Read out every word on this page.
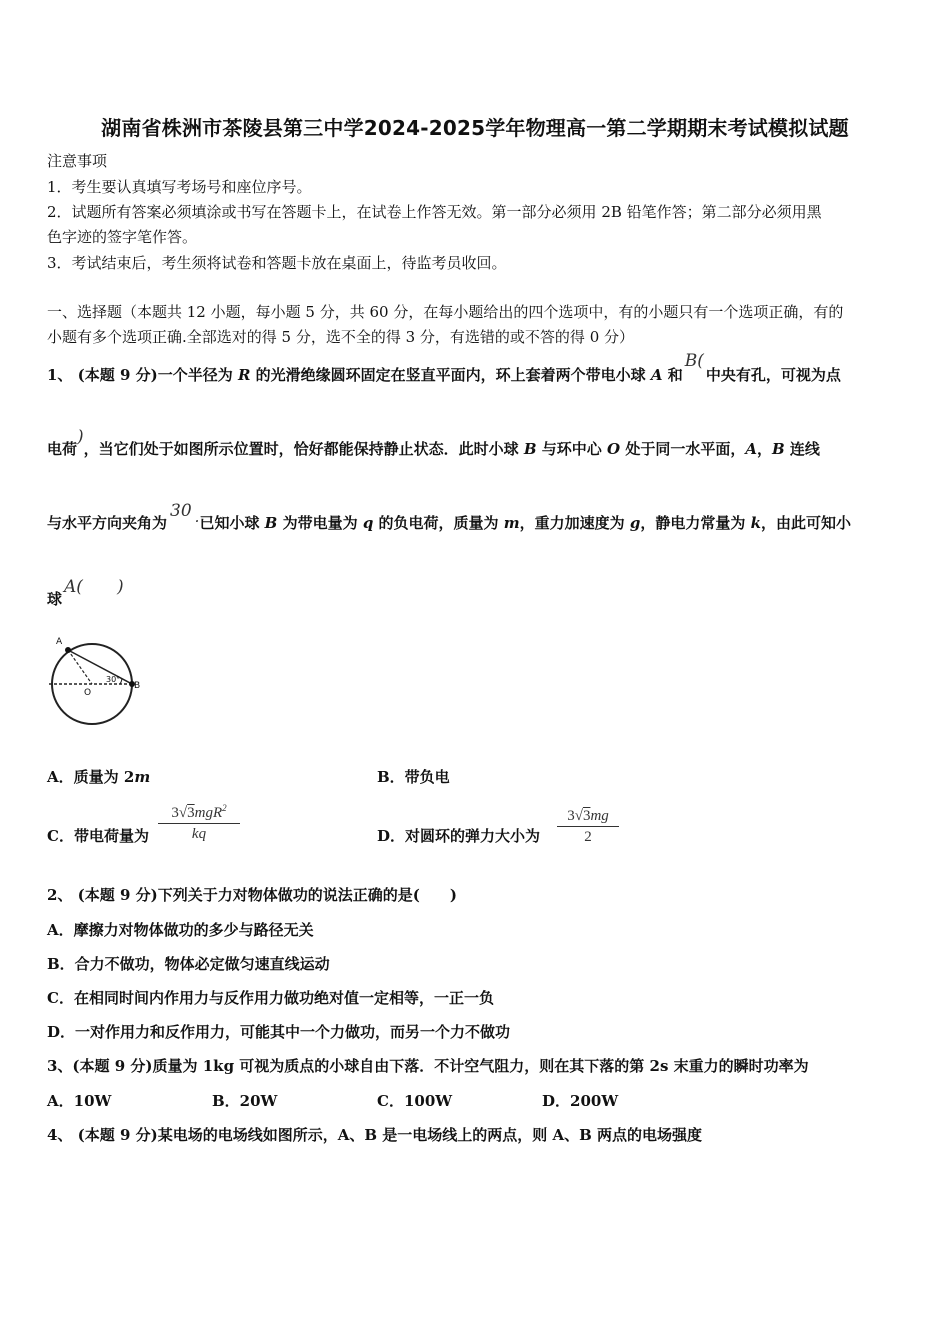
湖南省株洲市茶陵县第三中学2024-2025学年物理高一第二学期期末考试模拟试题
注意事项
1．考生要认真填写考场号和座位序号。
2．试题所有答案必须填涂或书写在答题卡上，在试卷上作答无效。第一部分必须用 2B 铅笔作答；第二部分必须用黑
色字迹的签字笔作答。
3．考试结束后，考生须将试卷和答题卡放在桌面上，待监考员收回。
一、选择题（本题共 12 小题，每小题 5 分，共 60 分，在每小题给出的四个选项中，有的小题只有一个选项正确，有的
小题有多个选项正确.全部选对的得 5 分，选不全的得 3 分，有选错的或不答的得 0 分）
1、 (本题 9 分)一个半径为 R 的光滑绝缘圆环固定在竖直平面内，环上套着两个带电小球 A 和B(中央有孔，可视为点
电荷)，当它们处于如图所示位置时，恰好都能保持静止状态．此时小球 B 与环中心 O 处于同一水平面，A，B 连线
与水平方向夹角为30 ·已知小球 B 为带电量为 q 的负电荷，质量为 m，重力加速度为 g，静电力常量为 k，由此可知小
球A( )
A
O
B
30°
A．质量为 2m	B．带负电
C．带电荷量为
3√3mgR$^2$
kq	D．对圆环的弹力大小为 $\frac{3√3mg}{2}$
2、 (本题 9 分)下列关于力对物体做功的说法正确的是(　　)
A．摩擦力对物体做功的多少与路径无关
B．合力不做功，物体必定做匀速直线运动
C．在相同时间内作用力与反作用力做功绝对值一定相等，一正一负
D．一对作用力和反作用力，可能其中一个力做功，而另一个力不做功
3、(本题 9 分)质量为 1kg 可视为质点的小球自由下落．不计空气阻力，则在其下落的第 2s 末重力的瞬时功率为
A．10W	B．20W	C．100W	D．200W
4、 (本题 9 分)某电场的电场线如图所示，A、B 是一电场线上的两点，则 A、B 两点的电场强度
